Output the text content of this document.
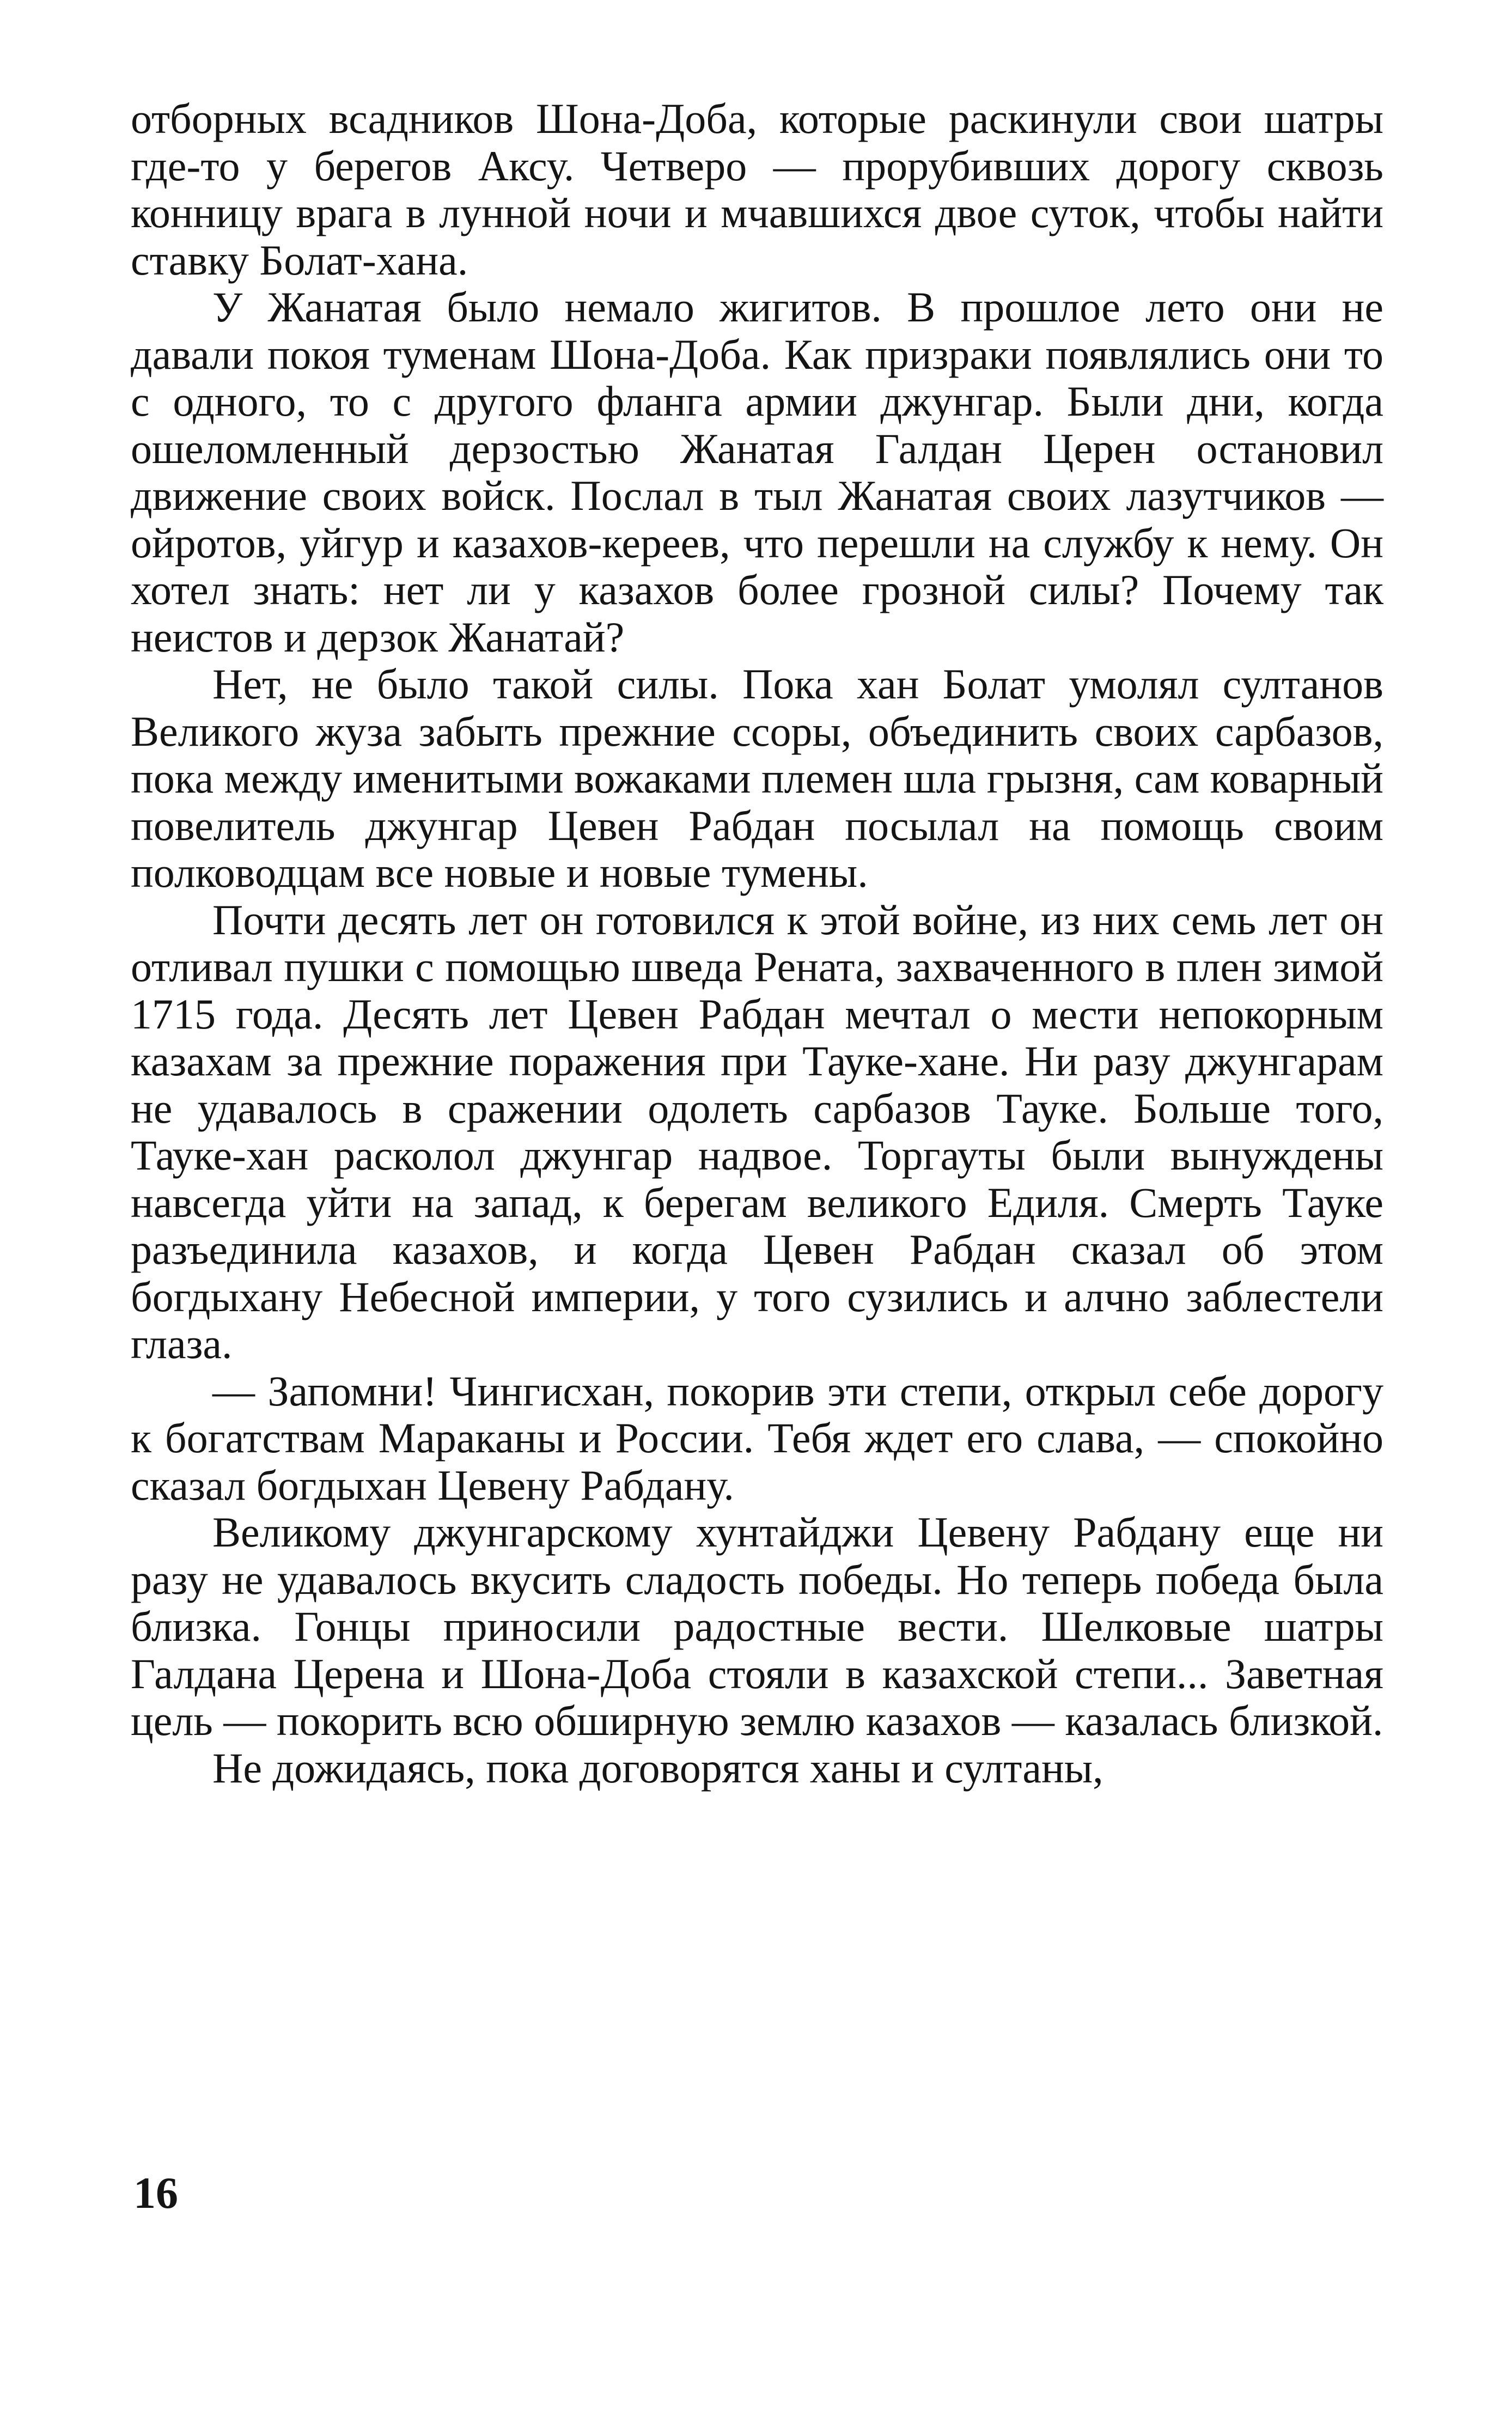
отборных всадников Шона-Доба, которые раскинули свои шатры где-то у берегов Аксу. Четверо — прорубивших дорогу сквозь конницу врага в лунной ночи и мчавшихся двое суток, чтобы найти ставку Болат-хана.

У Жанатая было немало жигитов. В прошлое лето они не давали покоя туменам Шона-Доба. Как призраки появлялись они то с одного, то с другого фланга армии джунгар. Были дни, когда ошеломленный дерзостью Жанатая Галдан Церен остановил движение своих войск. Послал в тыл Жанатая своих лазутчиков — ойротов, уйгур и казахов-кереев, что перешли на службу к нему. Он хотел знать: нет ли у казахов более грозной силы? Почему так неистов и дерзок Жанатай?

Нет, не было такой силы. Пока хан Болат умолял султанов Великого жуза забыть прежние ссоры, объединить своих сарбазов, пока между именитыми вожаками племен шла грызня, сам коварный повелитель джунгар Цевен Рабдан посылал на помощь своим полководцам все новые и новые тумены.

Почти десять лет он готовился к этой войне, из них семь лет он отливал пушки с помощью шведа Рената, захваченного в плен зимой 1715 года. Десять лет Цевен Рабдан мечтал о мести непокорным казахам за прежние поражения при Тауке-хане. Ни разу джунгарам не удавалось в сражении одолеть сарбазов Тауке. Больше того, Тауке-хан расколол джунгар надвое. Торгауты были вынуждены навсегда уйти на запад, к берегам великого Едиля. Смерть Тауке разъединила казахов, и когда Цевен Рабдан сказал об этом богдыхану Небесной империи, у того сузились и алчно заблестели глаза.

— Запомни! Чингисхан, покорив эти степи, открыл себе дорогу к богатствам Мараканы и России. Тебя ждет его слава, — спокойно сказал богдыхан Цевену Рабдану.

Великому джунгарскому хунтайджи Цевену Рабдану еще ни разу не удавалось вкусить сладость победы. Но теперь победа была близка. Гонцы приносили радостные вести. Шелковые шатры Галдана Церена и Шона-Доба стояли в казахской степи... Заветная цель — покорить всю обширную землю казахов — казалась близкой.

Не дожидаясь, пока договорятся ханы и султаны,

16
